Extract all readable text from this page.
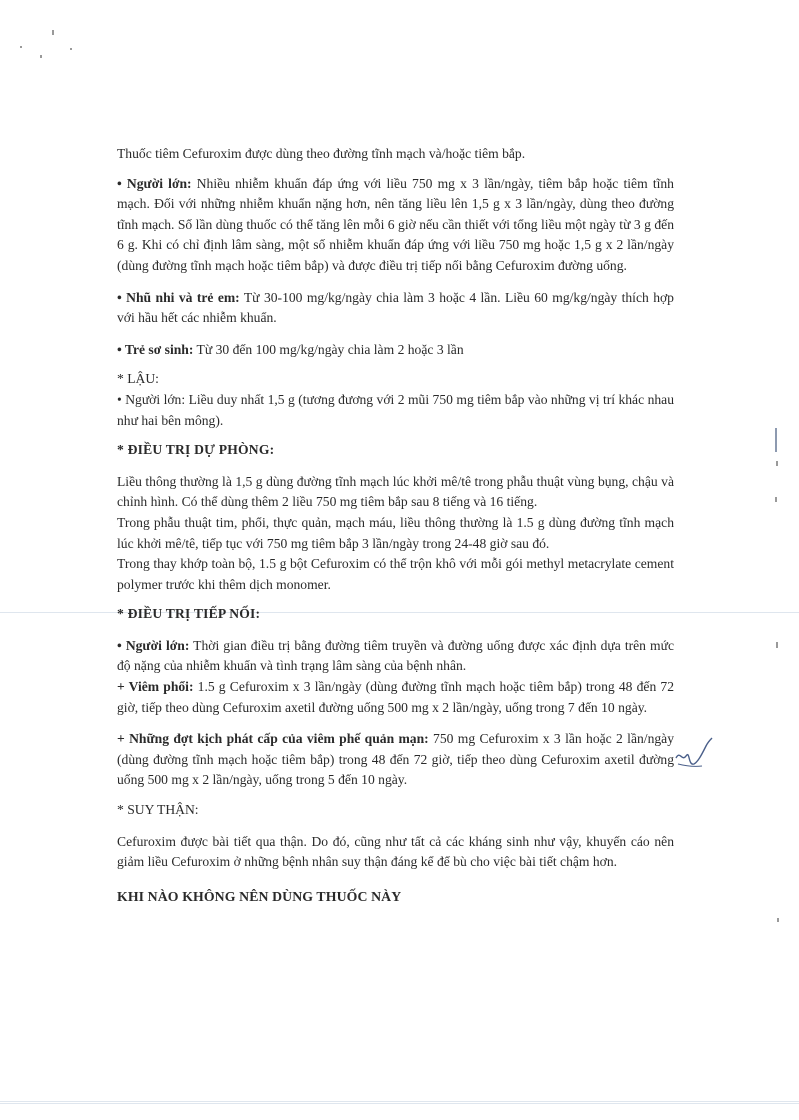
Thuốc tiêm Cefuroxim được dùng theo đường tĩnh mạch và/hoặc tiêm bắp.

• Người lớn: Nhiều nhiễm khuẩn đáp ứng với liều 750 mg x 3 lần/ngày, tiêm bắp hoặc tiêm tĩnh mạch. Đối với những nhiễm khuẩn nặng hơn, nên tăng liều lên 1,5 g x 3 lần/ngày, dùng theo đường tĩnh mạch. Số lần dùng thuốc có thể tăng lên mỗi 6 giờ nếu cần thiết với tổng liều một ngày từ 3 g đến 6 g. Khi có chỉ định lâm sàng, một số nhiễm khuẩn đáp ứng với liều 750 mg hoặc 1,5 g x 2 lần/ngày (dùng đường tĩnh mạch hoặc tiêm bắp) và được điều trị tiếp nối bằng Cefuroxim đường uống.

• Nhũ nhi và trẻ em: Từ 30-100 mg/kg/ngày chia làm 3 hoặc 4 lần. Liều 60 mg/kg/ngày thích hợp với hầu hết các nhiễm khuẩn.

• Trẻ sơ sinh: Từ 30 đến 100 mg/kg/ngày chia làm 2 hoặc 3 lần

* LẬU:

• Người lớn: Liều duy nhất 1,5 g (tương đương với 2 mũi 750 mg tiêm bắp vào những vị trí khác nhau như hai bên mông).

* ĐIỀU TRỊ DỰ PHÒNG:

Liều thông thường là 1,5 g dùng đường tĩnh mạch lúc khởi mê/tê trong phẫu thuật vùng bụng, chậu và chỉnh hình. Có thể dùng thêm 2 liều 750 mg tiêm bắp sau 8 tiếng và 16 tiếng.

Trong phẫu thuật tim, phổi, thực quản, mạch máu, liều thông thường là 1.5 g dùng đường tĩnh mạch lúc khởi mê/tê, tiếp tục với 750 mg tiêm bắp 3 lần/ngày trong 24-48 giờ sau đó.

Trong thay khớp toàn bộ, 1.5 g bột Cefuroxim có thể trộn khô với mỗi gói methyl metacrylate cement polymer trước khi thêm dịch monomer.

* ĐIỀU TRỊ TIẾP NỐI:

• Người lớn: Thời gian điều trị bằng đường tiêm truyền và đường uống được xác định dựa trên mức độ nặng của nhiễm khuẩn và tình trạng lâm sàng của bệnh nhân.

+ Viêm phổi: 1.5 g Cefuroxim x 3 lần/ngày (dùng đường tĩnh mạch hoặc tiêm bắp) trong 48 đến 72 giờ, tiếp theo dùng Cefuroxim axetil đường uống 500 mg x 2 lần/ngày, uống trong 7 đến 10 ngày.

+ Những đợt kịch phát cấp của viêm phế quản mạn: 750 mg Cefuroxim x 3 lần hoặc 2 lần/ngày (dùng đường tĩnh mạch hoặc tiêm bắp) trong 48 đến 72 giờ, tiếp theo dùng Cefuroxim axetil đường uống 500 mg x 2 lần/ngày, uống trong 5 đến 10 ngày.

* SUY THẬN:

Cefuroxim được bài tiết qua thận. Do đó, cũng như tất cả các kháng sinh như vậy, khuyến cáo nên giảm liều Cefuroxim ở những bệnh nhân suy thận đáng kể để bù cho việc bài tiết chậm hơn.

KHI NÀO KHÔNG NÊN DÙNG THUỐC NÀY
